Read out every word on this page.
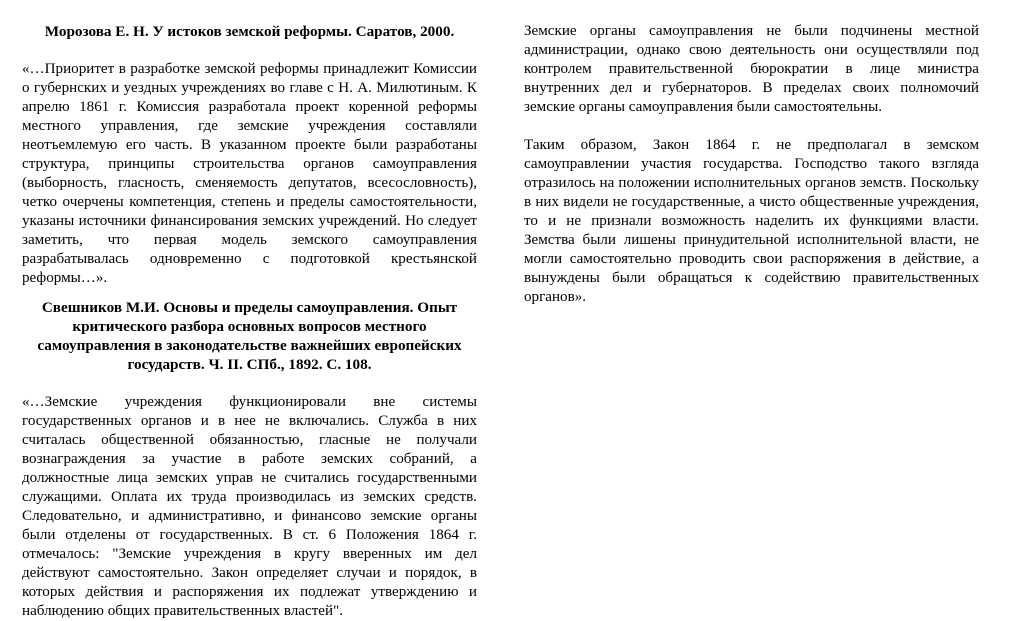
Морозова Е. Н. У истоков земской реформы. Саратов, 2000.

«…Приоритет в разработке земской реформы принадлежит Комиссии о губернских и уездных учреждениях во главе с Н. А. Милютиным. К апрелю 1861 г. Комиссия разработала проект коренной реформы местного управления, где земские учреждения составляли неотъемлемую его часть. В указанном проекте были разработаны структура, принципы строительства органов самоуправления (выборность, гласность, сменяемость депутатов, всесословность), четко очерчены компетенция, степень и пределы самостоятельности, указаны источники финансирования земских учреждений. Но следует заметить, что первая модель земского самоуправления разрабатывалась одновременно с подготовкой крестьянской реформы…».

Свешников М.И. Основы и пределы самоуправления. Опыт критического разбора основных вопросов местного самоуправления в законодательстве важнейших европейских государств. Ч. II. СПб., 1892. С. 108.

«…Земские учреждения функционировали вне системы государственных органов и в нее не включались. Служба в них считалась общественной обязанностью, гласные не получали вознаграждения за участие в работе земских собраний, а должностные лица земских управ не считались государственными служащими. Оплата их труда производилась из земских средств. Следовательно, и административно, и финансово земские органы были отделены от государственных. В ст. 6 Положения 1864 г. отмечалось: "Земские учреждения в кругу вверенных им дел действуют самостоятельно. Закон определяет случаи и порядок, в которых действия и распоряжения их подлежат утверждению и наблюдению общих правительственных властей".

Земские органы самоуправления не были подчинены местной администрации, однако свою деятельность они осуществляли под контролем правительственной бюрократии в лице министра внутренних дел и губернаторов. В пределах своих полномочий земские органы самоуправления были самостоятельны.

Таким образом, Закон 1864 г. не предполагал в земском самоуправлении участия государства. Господство такого взгляда отразилось на положении исполнительных органов земств. Поскольку в них видели не государственные, а чисто общественные учреждения, то и не признали возможность наделить их функциями власти. Земства были лишены принудительной исполнительной власти, не могли самостоятельно проводить свои распоряжения в действие, а вынуждены были обращаться к содействию правительственных органов».
